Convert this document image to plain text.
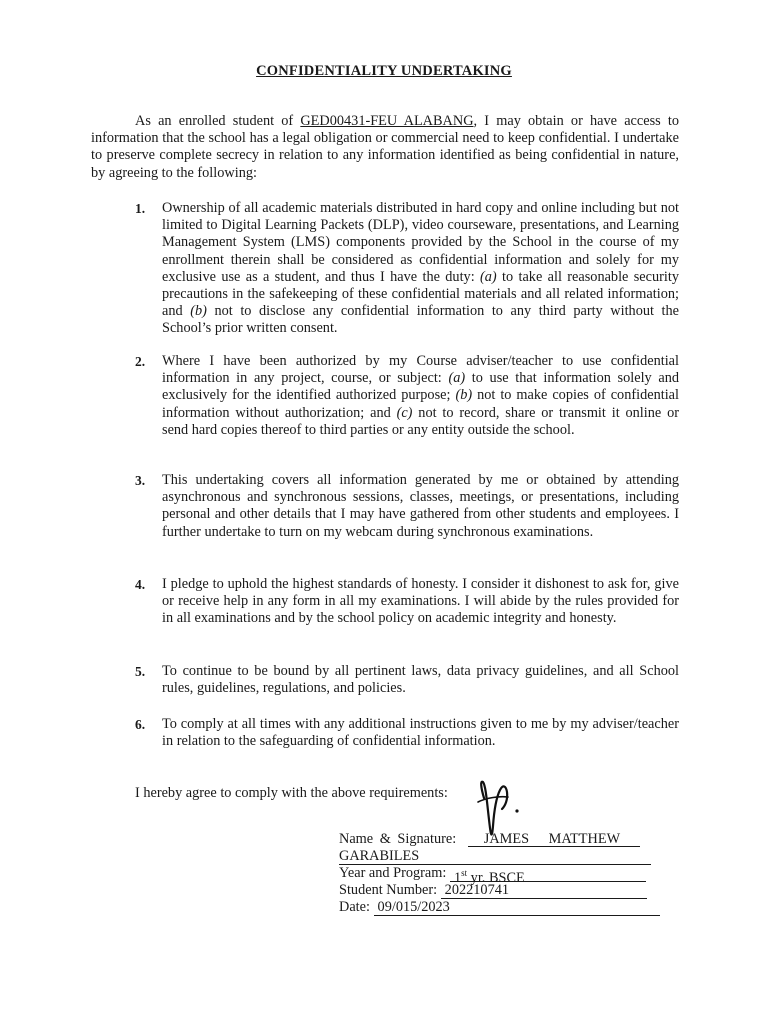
CONFIDENTIALITY UNDERTAKING

As an enrolled student of GED00431-FEU ALABANG, I may obtain or have access to information that the school has a legal obligation or commercial need to keep confidential. I undertake to preserve complete secrecy in relation to any information identified as being confidential in nature, by agreeing to the following:

1. Ownership of all academic materials distributed in hard copy and online including but not limited to Digital Learning Packets (DLP), video courseware, presentations, and Learning Management System (LMS) components provided by the School in the course of my enrollment therein shall be considered as confidential information and solely for my exclusive use as a student, and thus I have the duty: (a) to take all reasonable security precautions in the safekeeping of these confidential materials and all related information; and (b) not to disclose any confidential information to any third party without the School’s prior written consent.

2. Where I have been authorized by my Course adviser/teacher to use confidential information in any project, course, or subject: (a) to use that information solely and exclusively for the identified authorized purpose; (b) not to make copies of confidential information without authorization; and (c) not to record, share or transmit it online or send hard copies thereof to third parties or any entity outside the school.

3. This undertaking covers all information generated by me or obtained by attending asynchronous and synchronous sessions, classes, meetings, or presentations, including personal and other details that I may have gathered from other students and employees. I further undertake to turn on my webcam during synchronous examinations.

4. I pledge to uphold the highest standards of honesty. I consider it dishonest to ask for, give or receive help in any form in all my examinations. I will abide by the rules provided for in all examinations and by the school policy on academic integrity and honesty.

5. To continue to be bound by all pertinent laws, data privacy guidelines, and all School rules, guidelines, regulations, and policies.

6. To comply at all times with any additional instructions given to me by my adviser/teacher in relation to the safeguarding of confidential information.

I hereby agree to comply with the above requirements:
Name & Signature: JAMES MATTHEW
GARABILES
Year and Program: 1st yr. BSCE
Student Number: 202210741
Date: 09/015/2023
